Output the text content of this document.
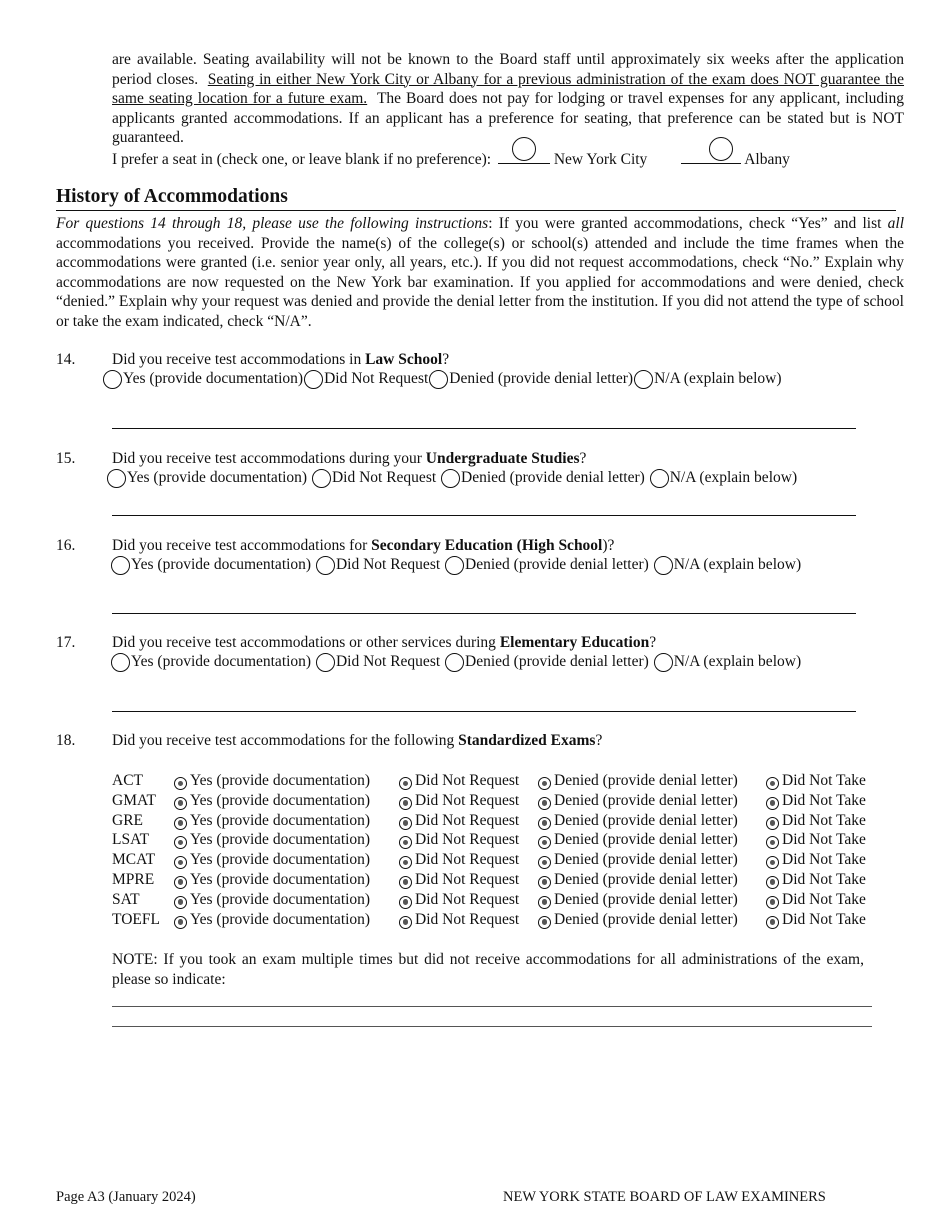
are available. Seating availability will not be known to the Board staff until approximately six weeks after the application period closes. Seating in either New York City or Albany for a previous administration of the exam does NOT guarantee the same seating location for a future exam. The Board does not pay for lodging or travel expenses for any applicant, including applicants granted accommodations. If an applicant has a preference for seating, that preference can be stated but is NOT guaranteed.
I prefer a seat in (check one, or leave blank if no preference):	New York City	Albany
History of Accommodations
For questions 14 through 18, please use the following instructions: If you were granted accommodations, check “Yes” and list all accommodations you received. Provide the name(s) of the college(s) or school(s) attended and include the time frames when the accommodations were granted (i.e. senior year only, all years, etc.). If you did not request accommodations, check “No.” Explain why accommodations are now requested on the New York bar examination. If you applied for accommodations and were denied, check “denied.” Explain why your request was denied and provide the denial letter from the institution. If you did not attend the type of school or take the exam indicated, check “N/A”.
14. Did you receive test accommodations in Law School?
Yes (provide documentation) Did Not Request Denied (provide denial letter) N/A (explain below)
15. Did you receive test accommodations during your Undergraduate Studies?
Yes (provide documentation) Did Not Request Denied (provide denial letter) N/A (explain below)
16. Did you receive test accommodations for Secondary Education (High School)?
Yes (provide documentation) Did Not Request Denied (provide denial letter) N/A (explain below)
17. Did you receive test accommodations or other services during Elementary Education?
Yes (provide documentation) Did Not Request Denied (provide denial letter) N/A (explain below)
18. Did you receive test accommodations for the following Standardized Exams?
ACT	Yes (provide documentation)	Did Not Request	Denied (provide denial letter)	Did Not Take
GMAT	Yes (provide documentation)	Did Not Request	Denied (provide denial letter)	Did Not Take
GRE	Yes (provide documentation)	Did Not Request	Denied (provide denial letter)	Did Not Take
LSAT	Yes (provide documentation)	Did Not Request	Denied (provide denial letter)	Did Not Take
MCAT	Yes (provide documentation)	Did Not Request	Denied (provide denial letter)	Did Not Take
MPRE	Yes (provide documentation)	Did Not Request	Denied (provide denial letter)	Did Not Take
SAT	Yes (provide documentation)	Did Not Request	Denied (provide denial letter)	Did Not Take
TOEFL	Yes (provide documentation)	Did Not Request	Denied (provide denial letter)	Did Not Take
NOTE: If you took an exam multiple times but did not receive accommodations for all administrations of the exam, please so indicate:
Page A3 (January 2024)	NEW YORK STATE BOARD OF LAW EXAMINERS
